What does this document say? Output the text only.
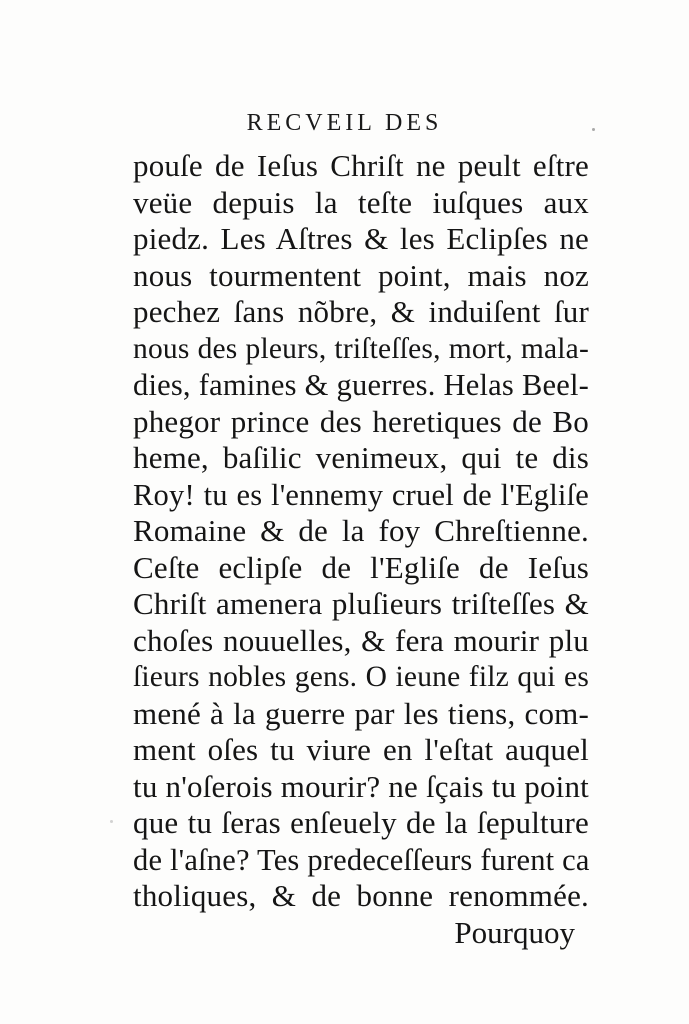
RECVEIL DES
pouſe de Ieſus Chriſt ne peult eſtre
veüe depuis la teſte iuſques aux
piedz. Les Aſtres & les Eclipſes ne
nous tourmentent point, mais noz
pechez ſans nõbre, & induiſent ſur
nous des pleurs, triſteſſes, mort, mala-
dies, famines & guerres. Helas Beel-
phegor prince des heretiques de Bo
heme, baſilic venimeux, qui te dis
Roy! tu es l'ennemy cruel de l'Egliſe
Romaine & de la foy Chreſtienne.
Ceſte eclipſe de l'Egliſe de Ieſus
Chriſt amenera pluſieurs triſteſſes &
choſes nouuelles, & fera mourir plu
ſieurs nobles gens. O ieune filz qui es
mené à la guerre par les tiens, com-
ment oſes tu viure en l'eſtat auquel
tu n'oſerois mourir? ne ſçais tu point
que tu ſeras enſeuely de la ſepulture
de l'aſne? Tes predeceſſeurs furent ca
tholiques, & de bonne renommée.
Pourquoy
